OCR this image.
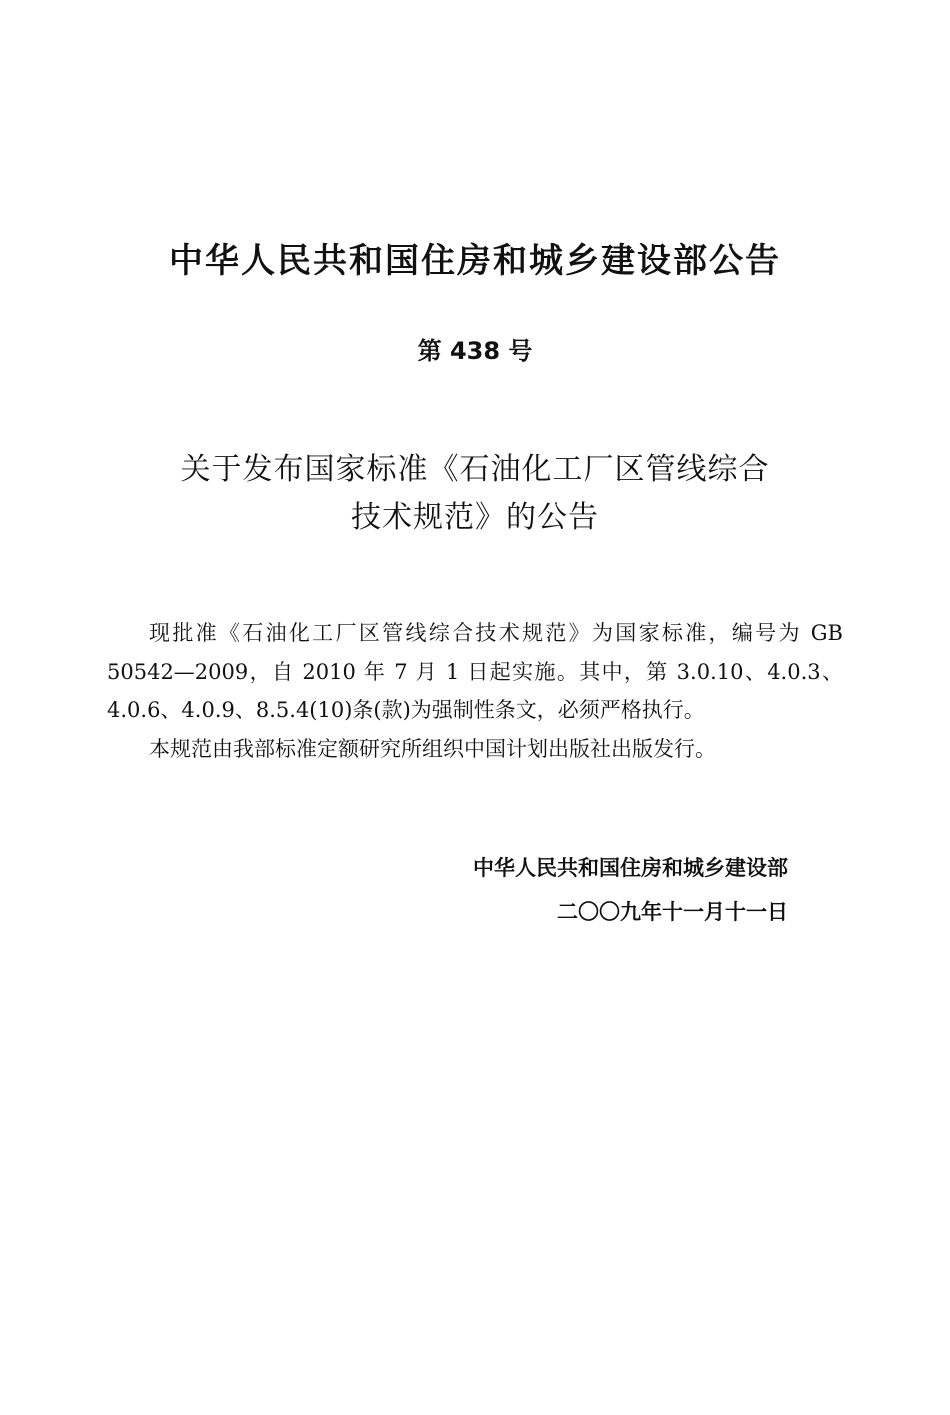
中华人民共和国住房和城乡建设部公告
第 438 号
关于发布国家标准《石油化工厂区管线综合
技术规范》的公告

现批准《石油化工厂区管线综合技术规范》为国家标准，编号为 GB 50542—2009，自 2010 年 7 月 1 日起实施。其中，第 3.0.10、4.0.3、4.0.6、4.0.9、8.5.4(10)条(款)为强制性条文，必须严格执行。

本规范由我部标准定额研究所组织中国计划出版社出版发行。

中华人民共和国住房和城乡建设部
二〇〇九年十一月十一日
